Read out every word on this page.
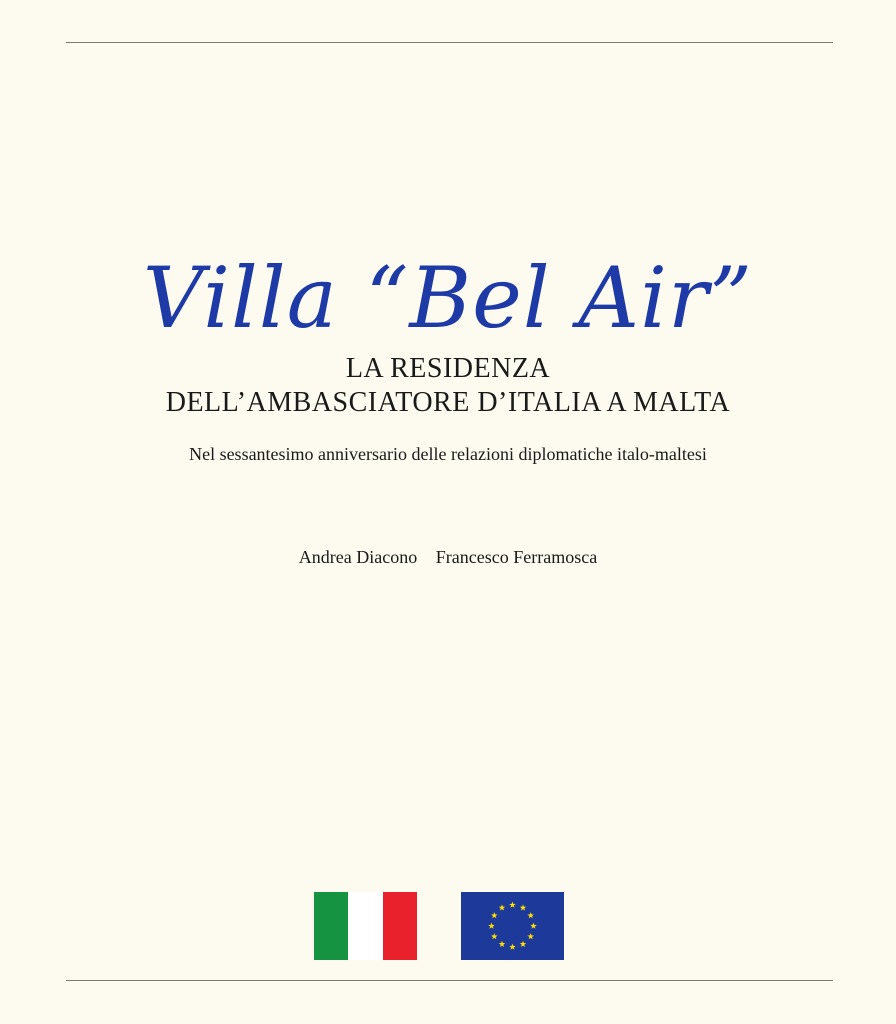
Villa “Bel Air”
LA RESIDENZA
DELL’AMBASCIATORE D’ITALIA A MALTA
Nel sessantesimo anniversario delle relazioni diplomatiche italo-maltesi
Andrea Diacono Francesco Ferramosca
